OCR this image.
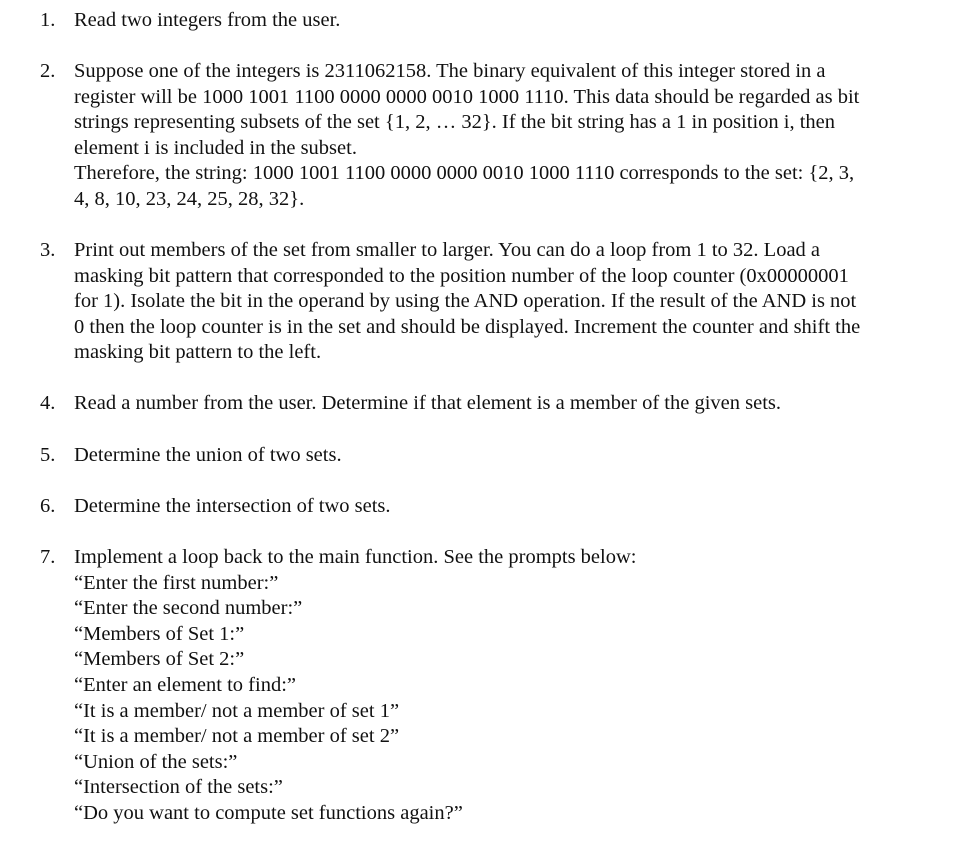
1. Read two integers from the user.
2. Suppose one of the integers is 2311062158. The binary equivalent of this integer stored in a
register will be 1000 1001 1100 0000 0000 0010 1000 1110. This data should be regarded as bit
strings representing subsets of the set {1, 2, … 32}. If the bit string has a 1 in position i, then
element i is included in the subset.
Therefore, the string: 1000 1001 1100 0000 0000 0010 1000 1110 corresponds to the set: {2, 3,
4, 8, 10, 23, 24, 25, 28, 32}.
3. Print out members of the set from smaller to larger. You can do a loop from 1 to 32. Load a
masking bit pattern that corresponded to the position number of the loop counter (0x00000001
for 1). Isolate the bit in the operand by using the AND operation. If the result of the AND is not
0 then the loop counter is in the set and should be displayed. Increment the counter and shift the
masking bit pattern to the left.
4. Read a number from the user. Determine if that element is a member of the given sets.
5. Determine the union of two sets.
6. Determine the intersection of two sets.
7. Implement a loop back to the main function. See the prompts below:
“Enter the first number:”
“Enter the second number:”
“Members of Set 1:”
“Members of Set 2:”
“Enter an element to find:”
“It is a member/ not a member of set 1”
“It is a member/ not a member of set 2”
“Union of the sets:”
“Intersection of the sets:”
“Do you want to compute set functions again?”
